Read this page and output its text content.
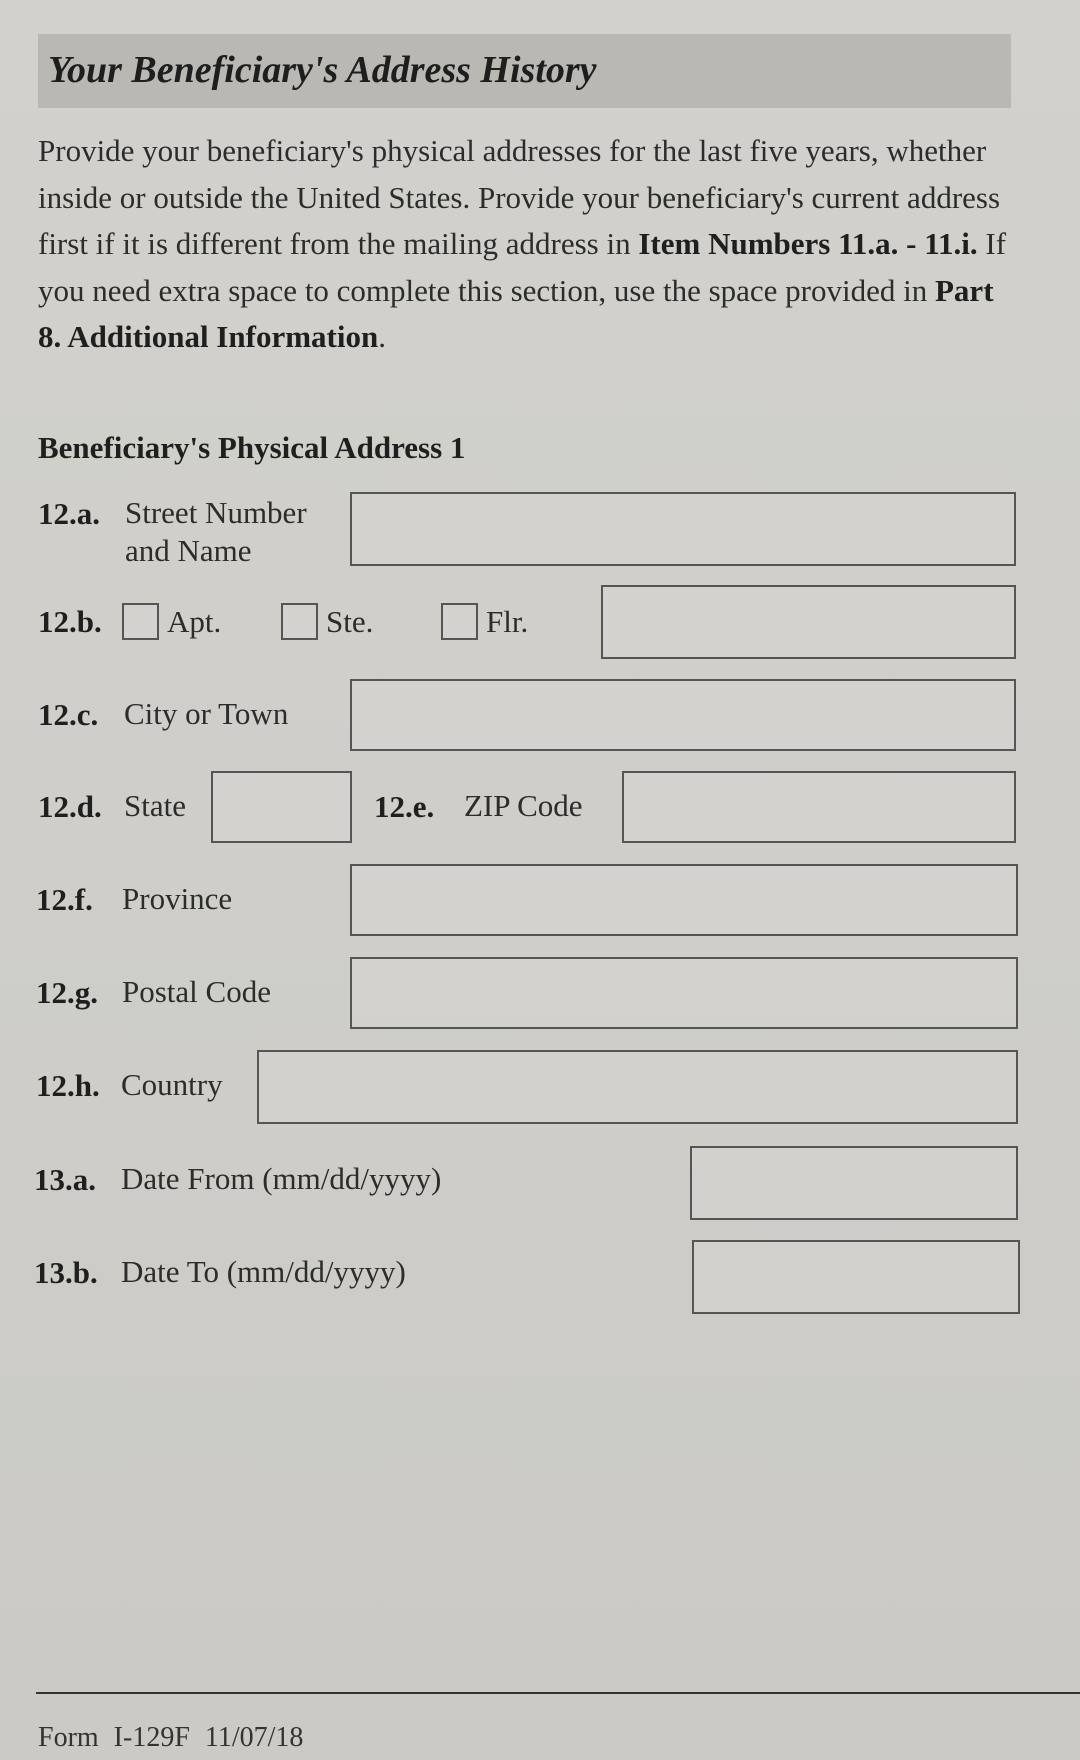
Your Beneficiary's Address History
Provide your beneficiary's physical addresses for the last five years, whether inside or outside the United States. Provide your beneficiary's current address first if it is different from the mailing address in Item Numbers 11.a. - 11.i. If you need extra space to complete this section, use the space provided in Part 8. Additional Information.
Beneficiary's Physical Address 1
12.a. Street Number
and Name
12.b. Apt.	Ste.	Flr.
12.c. City or Town
12.d. State	12.e. ZIP Code
12.f. Province
12.g. Postal Code
12.h. Country
13.a. Date From (mm/dd/yyyy)
13.b. Date To (mm/dd/yyyy)
Form I-129F 11/07/18
